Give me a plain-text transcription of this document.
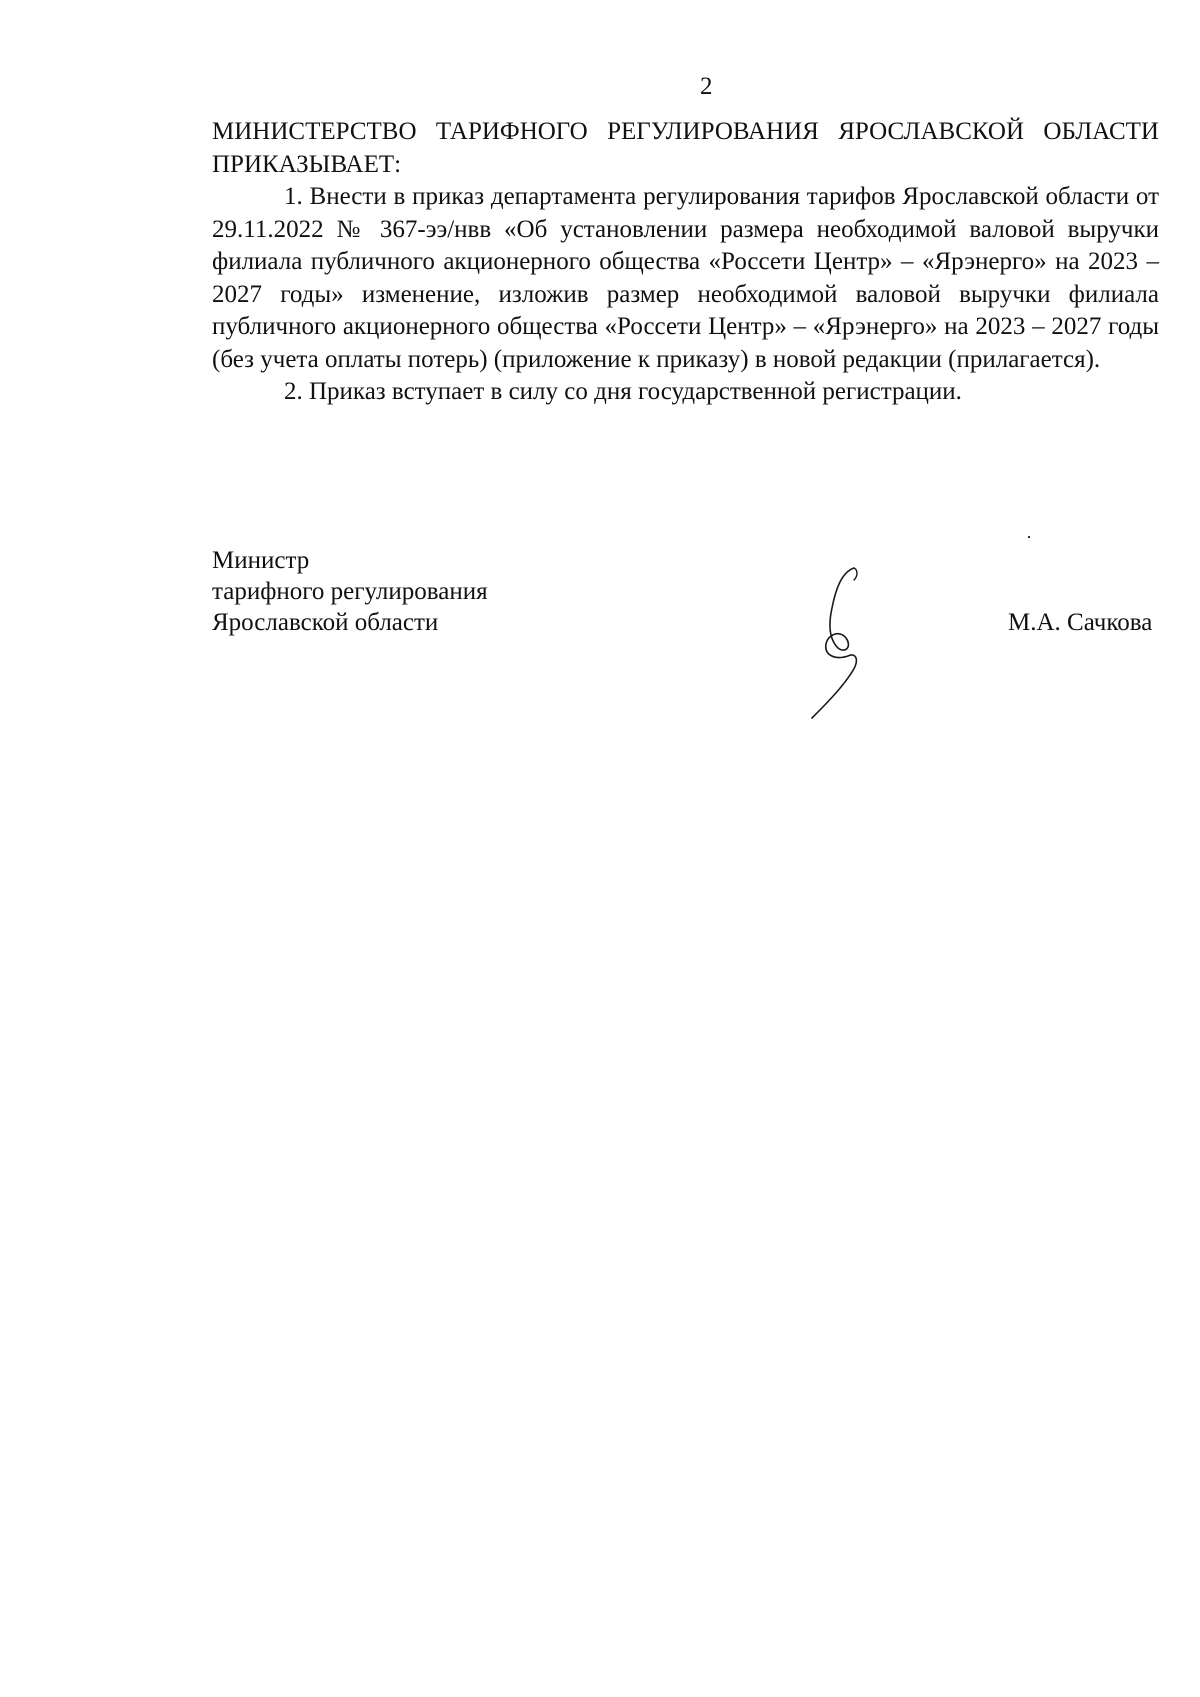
2
МИНИСТЕРСТВО ТАРИФНОГО РЕГУЛИРОВАНИЯ ЯРОСЛАВСКОЙ ОБЛАСТИ ПРИКАЗЫВАЕТ:

1. Внести в приказ департамента регулирования тарифов Ярославской области от 29.11.2022 № 367-ээ/нвв «Об установлении размера необходимой валовой выручки филиала публичного акционерного общества «Россети Центр» – «Ярэнерго» на 2023 – 2027 годы» изменение, изложив размер необходимой валовой выручки филиала публичного акционерного общества «Россети Центр» – «Ярэнерго» на 2023 – 2027 годы (без учета оплаты потерь) (приложение к приказу) в новой редакции (прилагается).

2. Приказ вступает в силу со дня государственной регистрации.

Министр
тарифного регулирования
Ярославской области	М.А. Сачкова
